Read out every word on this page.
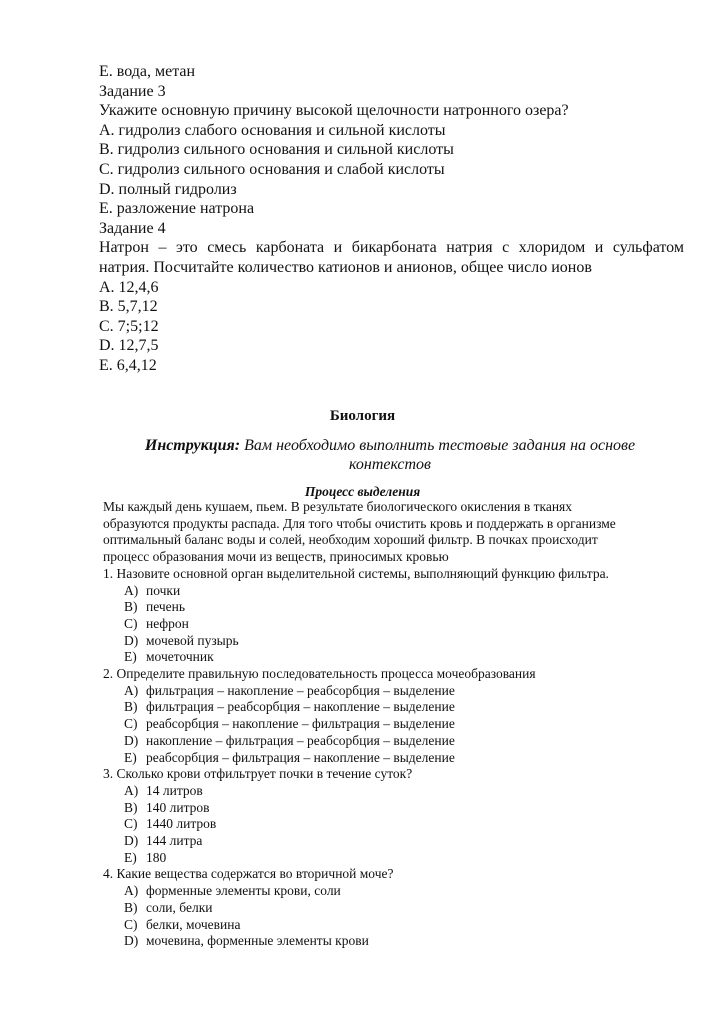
E. вода, метан
Задание 3
Укажите основную причину высокой щелочности натронного озера?
A. гидролиз слабого основания и сильной кислоты
B. гидролиз сильного основания и сильной кислоты
C. гидролиз сильного основания и слабой кислоты
D. полный гидролиз
E. разложение натрона
Задание 4
Натрон – это смесь карбоната и бикарбоната натрия с хлоридом и сульфатом
натрия. Посчитайте количество катионов и анионов, общее число ионов
A. 12,4,6
B. 5,7,12
C. 7;5;12
D. 12,7,5
E. 6,4,12
Биология
Инструкция: Вам необходимо выполнить тестовые задания на основе контекстов
Процесс выделения
Мы каждый день кушаем, пьем. В результате биологического окисления в тканях
образуются продукты распада. Для того чтобы очистить кровь и поддержать в организме
оптимальный баланс воды и солей, необходим хороший фильтр. В почках происходит
процесс образования мочи из веществ, приносимых кровью
1. Назовите основной орган выделительной системы, выполняющий функцию фильтра.
A) почки
B) печень
C) нефрон
D) мочевой пузырь
E) мочеточник
2. Определите правильную последовательность процесса мочеобразования
A) фильтрация – накопление – реабсорбция – выделение
B) фильтрация – реабсорбция – накопление – выделение
C) реабсорбция – накопление – фильтрация – выделение
D) накопление – фильтрация – реабсорбция – выделение
E) реабсорбция – фильтрация – накопление – выделение
3. Сколько крови отфильтрует почки в течение суток?
A) 14 литров
B) 140 литров
C) 1440 литров
D) 144 литра
E) 180
4. Какие вещества содержатся во вторичной моче?
A) форменные элементы крови, соли
B) соли, белки
C) белки, мочевина
D) мочевина, форменные элементы крови
